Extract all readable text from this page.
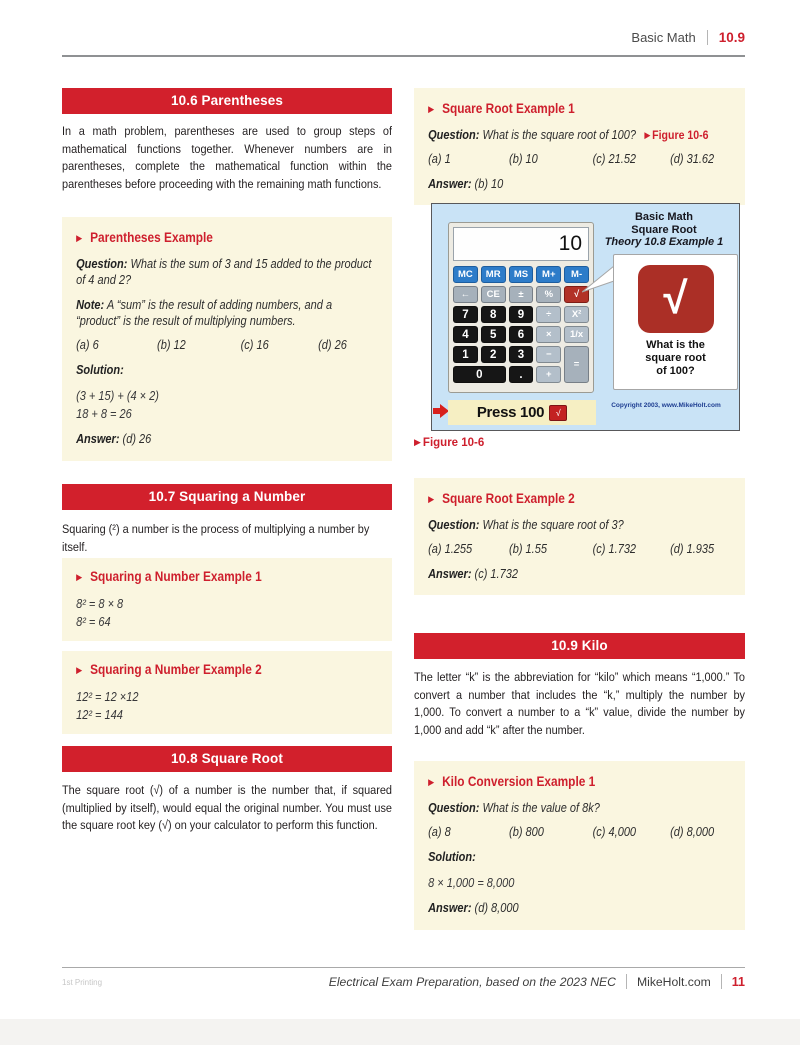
Basic Math 10.9
10.6 Parentheses

In a math problem, parentheses are used to group steps of mathematical functions together. Whenever numbers are in parentheses, complete the mathematical function within the parentheses before proceeding with the remaining math functions.

▶ Parentheses Example

Question: What is the sum of 3 and 15 added to the product of 4 and 2?

Note: A “sum” is the result of adding numbers, and a “product” is the result of multiplying numbers.

(a) 6	(b) 12	(c) 16	(d) 26

Solution:

(3 + 15) + (4 × 2)

18 + 8 = 26

Answer: (d) 26

10.7 Squaring a Number

Squaring (²) a number is the process of multiplying a number by itself.

▶ Squaring a Number Example 1

8² = 8 × 8

8² = 64

▶ Squaring a Number Example 2

12² = 12 ×12

12² = 144

10.8 Square Root

The square root (√) of a number is the number that, if squared (multiplied by itself), would equal the original number. You must use the square root key (√) on your calculator to perform this function.

▶ Square Root Example 1

Question: What is the square root of 100? ▶ Figure 10-6

(a) 1	(b) 10	(c) 21.52	(d) 31.62

Answer: (b) 10

10
MC	MR	MS	M+	M-
←	CE	±	%	√
7	8	9	÷	X²
4	5	6	×	1/x
1	2	3	−
=
0	.	+
Press 100	√
Basic Math
Square Root
Theory 10.8 Example 1
√
What is the
square root
of 100?
Copyright 2003, www.MikeHolt.com
▶ Figure 10-6
▶ Square Root Example 2

Question: What is the square root of 3?

(a) 1.255	(b) 1.55	(c) 1.732	(d) 1.935

Answer: (c) 1.732

10.9 Kilo

The letter “k” is the abbreviation for “kilo” which means “1,000.” To convert a number that includes the “k,” multiply the number by 1,000. To convert a number to a “k” value, divide the number by 1,000 and add “k” after the number.

▶ Kilo Conversion Example 1

Question: What is the value of 8k?

(a) 8	(b) 800	(c) 4,000	(d) 8,000

Solution:

8 × 1,000 = 8,000

Answer: (d) 8,000

1st Printing	Electrical Exam Preparation, based on the 2023 NEC MikeHolt.com 11
